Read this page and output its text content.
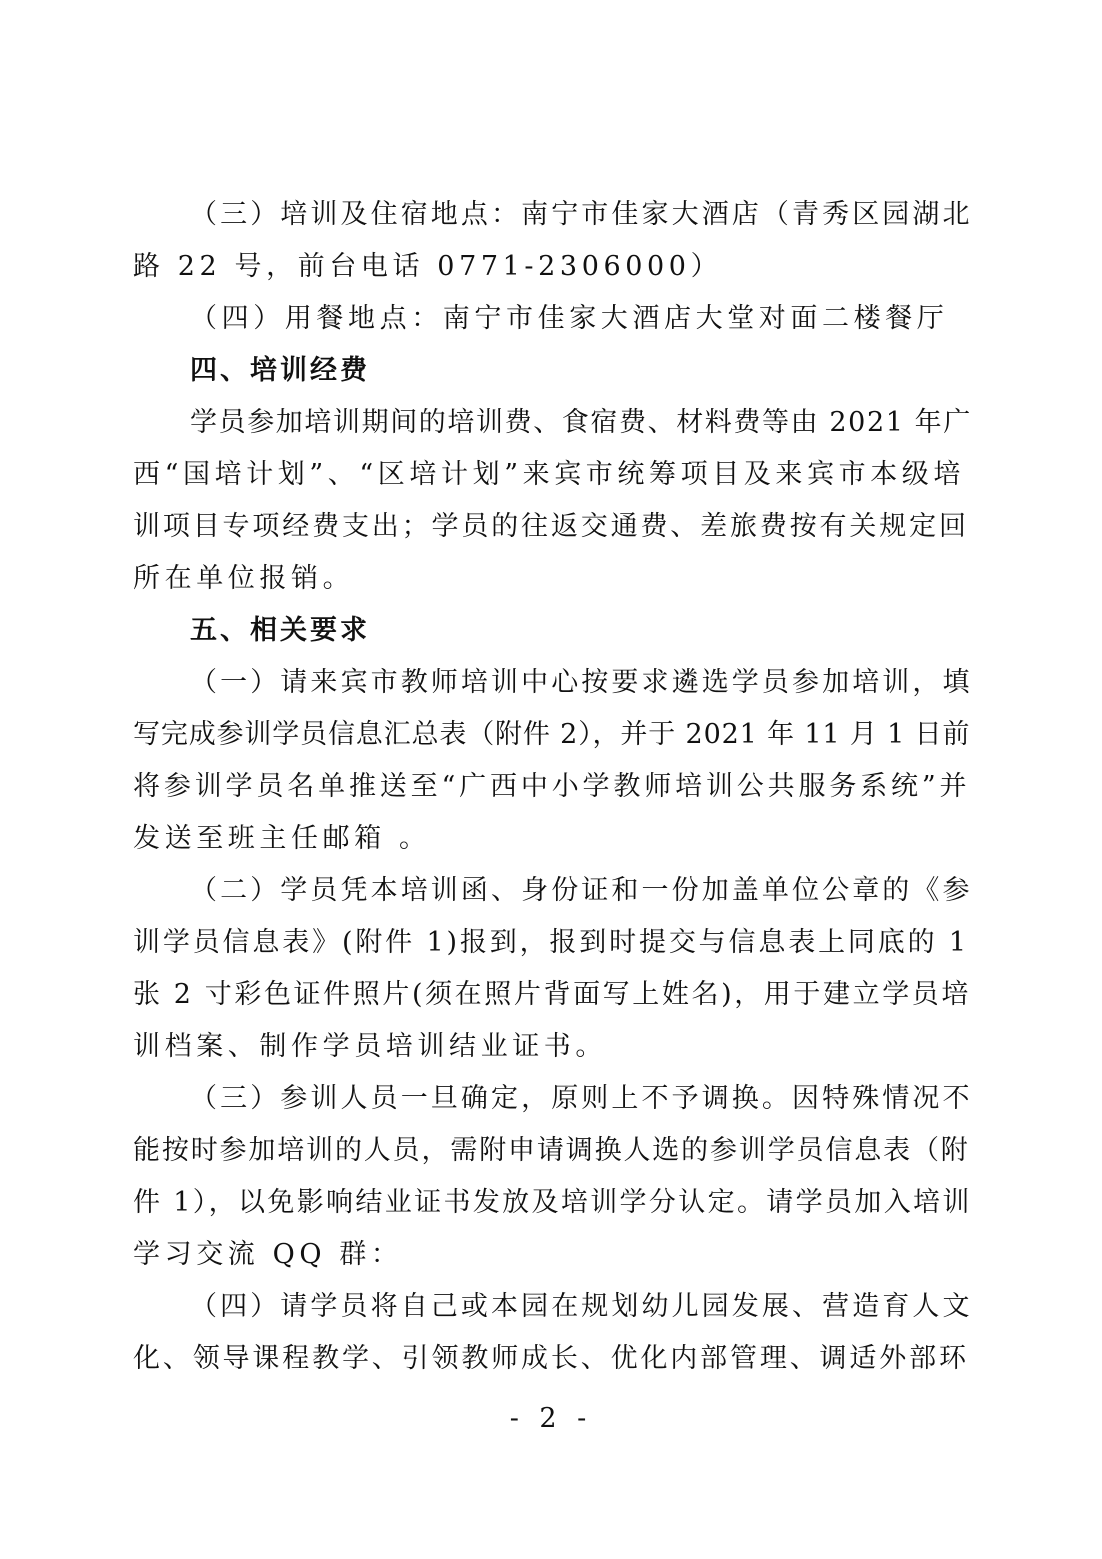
（三）培训及住宿地点：南宁市佳家大酒店（青秀区园湖北
路 22 号，前台电话 0771-2306000）
（四）用餐地点：南宁市佳家大酒店大堂对面二楼餐厅
四、培训经费
学员参加培训期间的培训费、食宿费、材料费等由 2021 年广
西“国培计划”、“区培计划”来宾市统筹项目及来宾市本级培
训项目专项经费支出；学员的往返交通费、差旅费按有关规定回
所在单位报销。
五、相关要求
（一）请来宾市教师培训中心按要求遴选学员参加培训，填
写完成参训学员信息汇总表（附件 2），并于 2021 年 11 月 1 日前
将参训学员名单推送至“广西中小学教师培训公共服务系统”并
发送至班主任邮箱 。
（二）学员凭本培训函、身份证和一份加盖单位公章的《参
训学员信息表》(附件 1)报到，报到时提交与信息表上同底的 1
张 2 寸彩色证件照片(须在照片背面写上姓名)，用于建立学员培
训档案、制作学员培训结业证书。
（三）参训人员一旦确定，原则上不予调换。因特殊情况不
能按时参加培训的人员，需附申请调换人选的参训学员信息表（附
件 1），以免影响结业证书发放及培训学分认定。请学员加入培训
学习交流 QQ 群：
（四）请学员将自己或本园在规划幼儿园发展、营造育人文
化、领导课程教学、引领教师成长、优化内部管理、调适外部环
- 2 -
